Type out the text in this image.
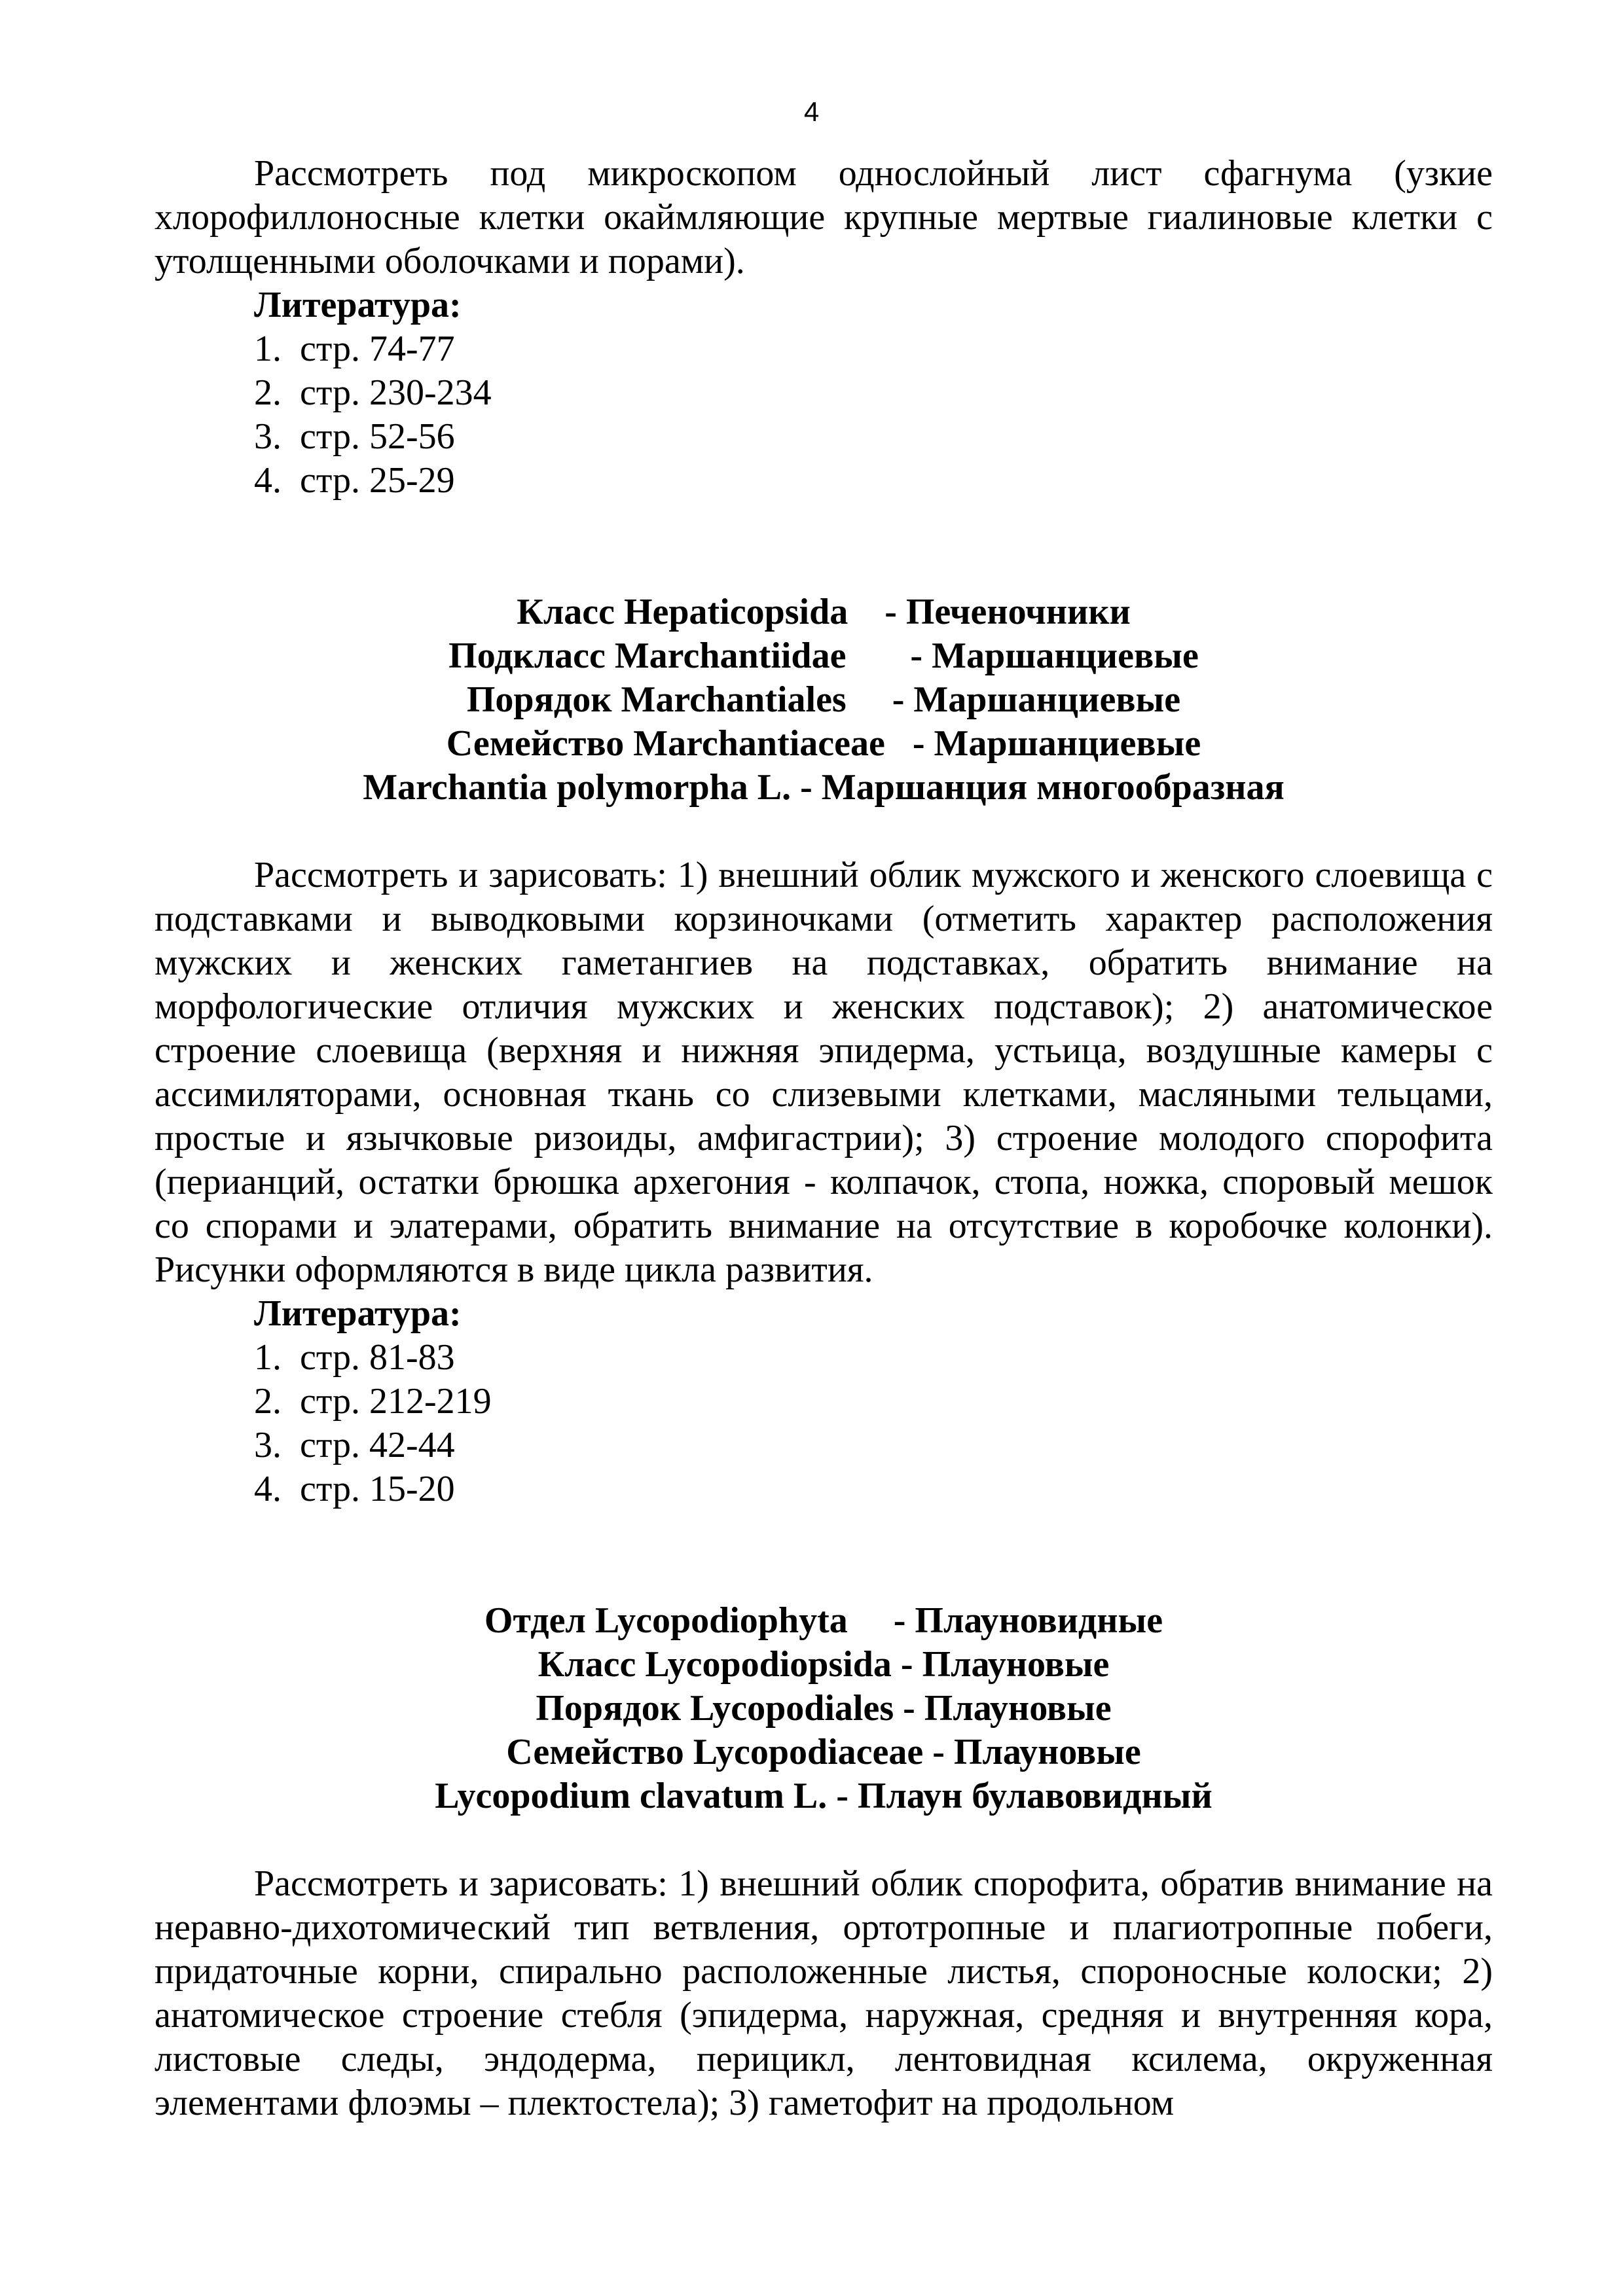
4

Рассмотреть под микроскопом однослойный лист сфагнума (узкие хлорофиллоносные клетки окаймляющие крупные мертвые гиалиновые клетки с утолщенными оболочками и порами).

Литература:
1. стр. 74-77
2. стр. 230-234
3. стр. 52-56
4. стр. 25-29
Класс Hepaticopsida    - Печеночники
Подкласс Marchantiidae       - Маршанциевые
Порядок Marchantiales     - Маршанциевые
Семейство Marchantiaceae   - Маршанциевые
Marchantia polymorpha L. - Маршанция многообразная

Рассмотреть и зарисовать: 1) внешний облик мужского и женского слоевища с подставками и выводковыми корзиночками (отметить характер расположения мужских и женских гаметангиев на подставках, обратить внимание на морфологические отличия мужских и женских подставок); 2) анатомическое строение слоевища (верхняя и нижняя эпидерма, устьица, воздушные камеры с ассимиляторами, основная ткань со слизевыми клетками, масляными тельцами, простые и язычковые ризоиды, амфигастрии); 3) строение молодого спорофита (перианций, остатки брюшка архегония - колпачок, стопа, ножка, споровый мешок со спорами и элатерами, обратить внимание на отсутствие в коробочке колонки). Рисунки оформляются в виде цикла развития.

Литература:
1. стр. 81-83
2. стр. 212-219
3. стр. 42-44
4. стр. 15-20
Отдел Lycopodiophyta     - Плауновидные
Класс Lycopodiopsida - Плауновые
Порядок Lycopodiales - Плауновые
Семейство Lycopodiaceae - Плауновые
Lycopodium clavatum L. - Плаун булавовидный

Рассмотреть и зарисовать: 1) внешний облик спорофита, обратив внимание на неравно-дихотомический тип ветвления, ортотропные и плагиотропные побеги, придаточные корни, спирально расположенные листья, спороносные колоски; 2) анатомическое строение стебля (эпидерма, наружная, средняя и внутренняя кора, листовые следы, эндодерма, перицикл, лентовидная ксилема, окруженная элементами флоэмы – плектостела); 3) гаметофит на продольном
